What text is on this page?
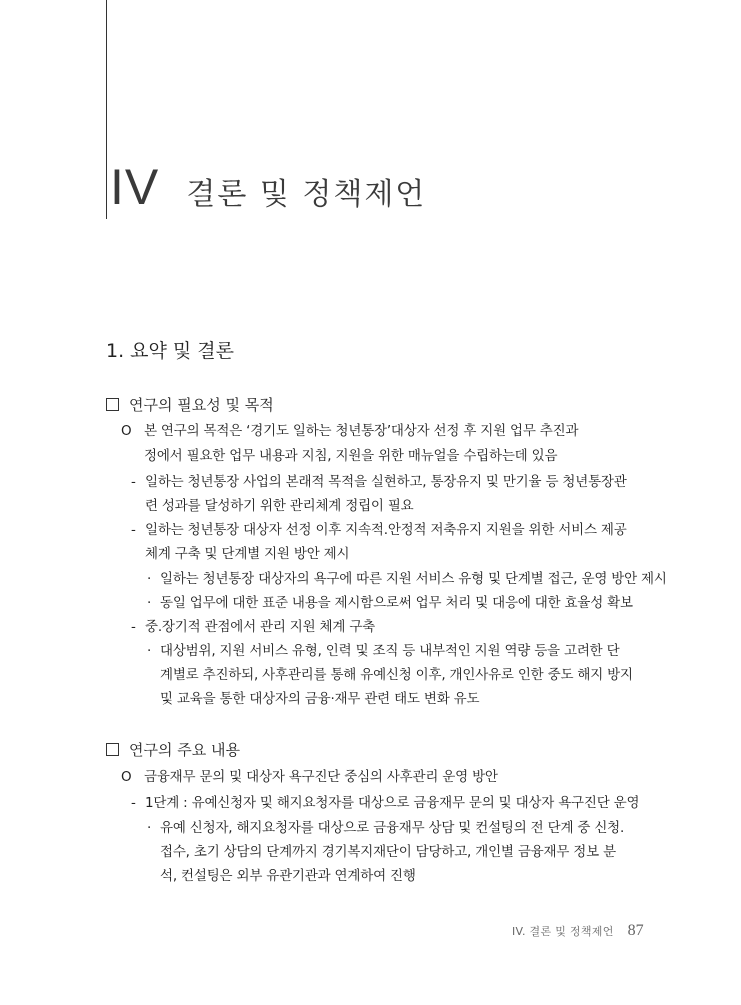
IV 결론 및 정책제언
1. 요약 및 결론
연구의 필요성 및 목적
O 본 연구의 목적은 ‘경기도 일하는 청년통장’대상자 선정 후 지원 업무 추진과
정에서 필요한 업무 내용과 지침, 지원을 위한 매뉴얼을 수립하는데 있음
- 일하는 청년통장 사업의 본래적 목적을 실현하고, 통장유지 및 만기율 등 청년통장관
련 성과를 달성하기 위한 관리체계 정립이 필요
- 일하는 청년통장 대상자 선정 이후 지속적.안정적 저축유지 지원을 위한 서비스 제공
체계 구축 및 단계별 지원 방안 제시
· 일하는 청년통장 대상자의 욕구에 따른 지원 서비스 유형 및 단계별 접근, 운영 방안 제시
· 동일 업무에 대한 표준 내용을 제시함으로써 업무 처리 및 대응에 대한 효율성 확보
- 중.장기적 관점에서 관리 지원 체계 구축
· 대상범위, 지원 서비스 유형, 인력 및 조직 등 내부적인 지원 역량 등을 고려한 단
계별로 추진하되, 사후관리를 통해 유예신청 이후, 개인사유로 인한 중도 해지 방지
및 교육을 통한 대상자의 금융·재무 관련 태도 변화 유도
연구의 주요 내용
O 금융재무 문의 및 대상자 욕구진단 중심의 사후관리 운영 방안
- 1단계 : 유예신청자 및 해지요청자를 대상으로 금융재무 문의 및 대상자 욕구진단 운영
· 유예 신청자, 해지요청자를 대상으로 금융재무 상담 및 컨설팅의 전 단계 중 신청.
접수, 초기 상담의 단계까지 경기복지재단이 담당하고, 개인별 금융재무 정보 분
석, 컨설팅은 외부 유관기관과 연계하여 진행
IV. 결론 및 정책제언 87
